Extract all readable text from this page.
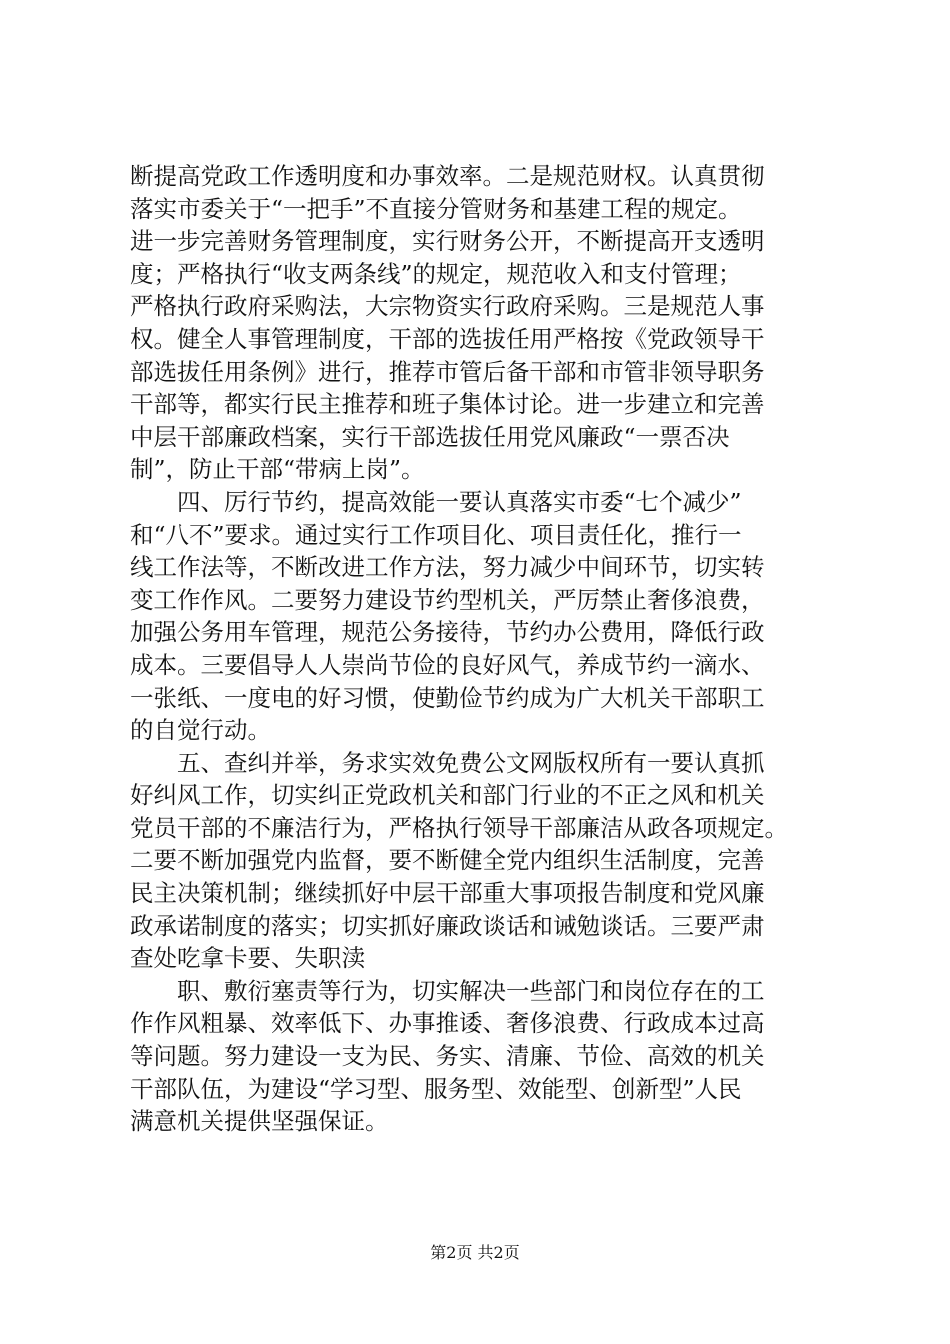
断提高党政工作透明度和办事效率。二是规范财权。认真贯彻
落实市委关于“一把手”不直接分管财务和基建工程的规定。
进一步完善财务管理制度，实行财务公开，不断提高开支透明
度；严格执行“收支两条线”的规定，规范收入和支付管理；
严格执行政府采购法，大宗物资实行政府采购。三是规范人事
权。健全人事管理制度，干部的选拔任用严格按《党政领导干
部选拔任用条例》进行，推荐市管后备干部和市管非领导职务
干部等，都实行民主推荐和班子集体讨论。进一步建立和完善
中层干部廉政档案，实行干部选拔任用党风廉政“一票否决
制”，防止干部“带病上岗”。
　　四、厉行节约，提高效能一要认真落实市委“七个减少”
和“八不”要求。通过实行工作项目化、项目责任化，推行一
线工作法等，不断改进工作方法，努力减少中间环节，切实转
变工作作风。二要努力建设节约型机关，严厉禁止奢侈浪费，
加强公务用车管理，规范公务接待，节约办公费用，降低行政
成本。三要倡导人人崇尚节俭的良好风气，养成节约一滴水、
一张纸、一度电的好习惯，使勤俭节约成为广大机关干部职工
的自觉行动。
　　五、查纠并举，务求实效免费公文网版权所有一要认真抓
好纠风工作，切实纠正党政机关和部门行业的不正之风和机关
党员干部的不廉洁行为，严格执行领导干部廉洁从政各项规定。
二要不断加强党内监督，要不断健全党内组织生活制度，完善
民主决策机制；继续抓好中层干部重大事项报告制度和党风廉
政承诺制度的落实；切实抓好廉政谈话和诫勉谈话。三要严肃
查处吃拿卡要、失职渎
　　职、敷衍塞责等行为，切实解决一些部门和岗位存在的工
作作风粗暴、效率低下、办事推诿、奢侈浪费、行政成本过高
等问题。努力建设一支为民、务实、清廉、节俭、高效的机关
干部队伍，为建设“学习型、服务型、效能型、创新型”人民
满意机关提供坚强保证。
第2页 共2页
